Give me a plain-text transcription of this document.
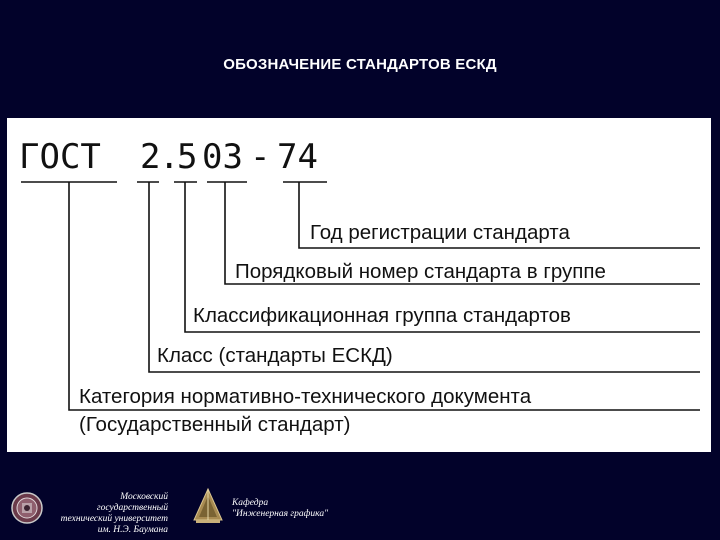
ОБОЗНАЧЕНИЕ СТАНДАРТОВ ЕСКД
ГОСТ 2
.
5 03 - 74
Год регистрации стандарта
Порядковый номер стандарта в группе
Классификационная группа стандартов
Класс (стандарты ЕСКД)
Категория нормативно-технического документа
(Государственный стандарт)
Московский государственный
технический университет
им. Н.Э. Баумана
Кафедра
"Инженерная графика"
